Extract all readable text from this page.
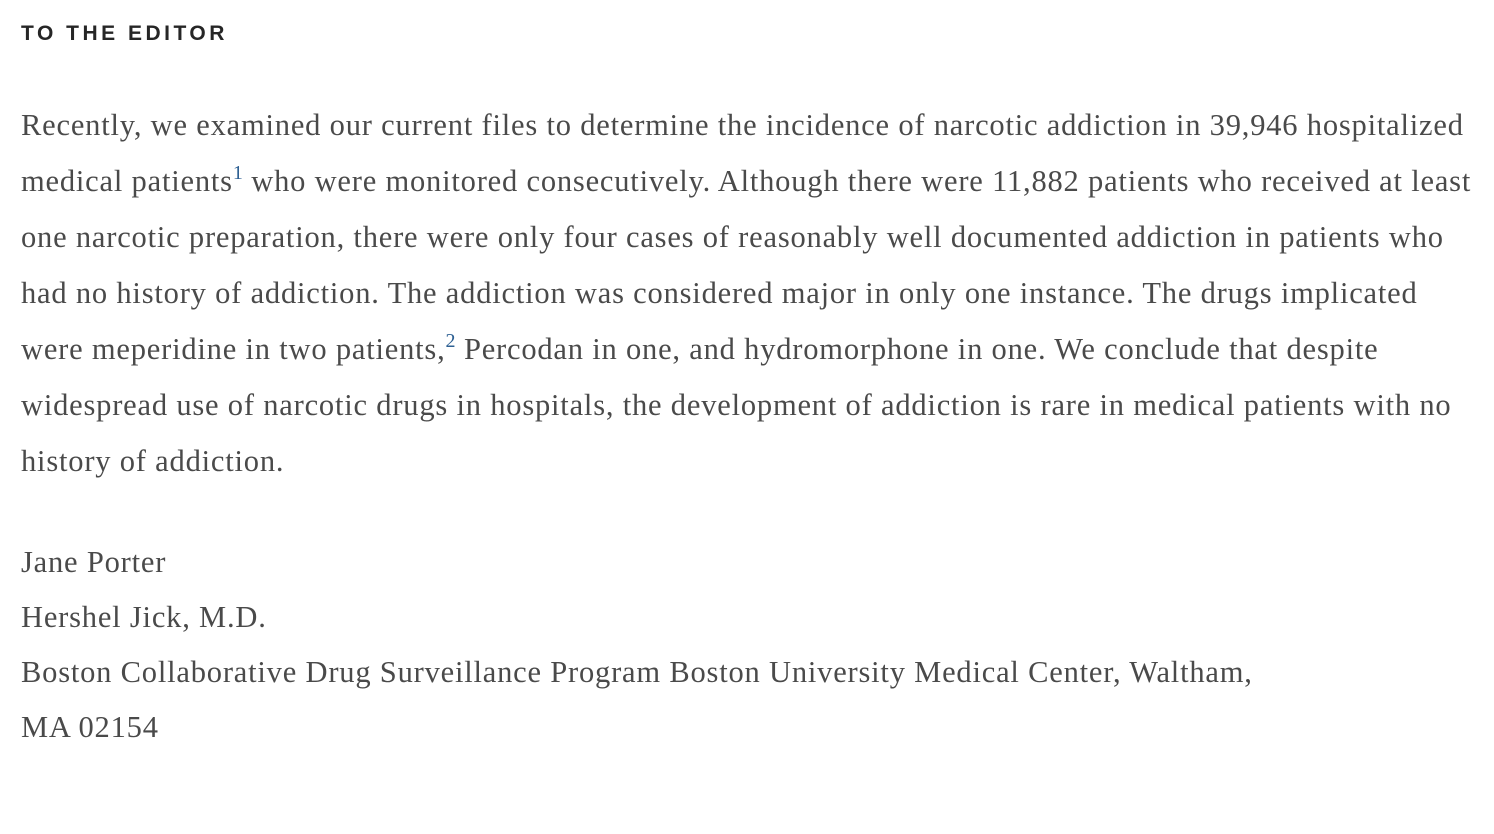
TO THE EDITOR

Recently, we examined our current files to determine the incidence of narcotic addiction in 39,946 hospitalized medical patients$^1$ who were monitored consecutively. Although there were 11,882 patients who received at least one narcotic preparation, there were only four cases of reasonably well documented addiction in patients who had no history of addiction. The addiction was considered major in only one instance. The drugs implicated were meperidine in two patients,$^2$ Percodan in one, and hydromorphone in one. We conclude that despite widespread use of narcotic drugs in hospitals, the development of addiction is rare in medical patients with no history of addiction.

Jane Porter
Hershel Jick, M.D.
Boston Collaborative Drug Surveillance Program Boston University Medical Center, Waltham,
MA 02154
